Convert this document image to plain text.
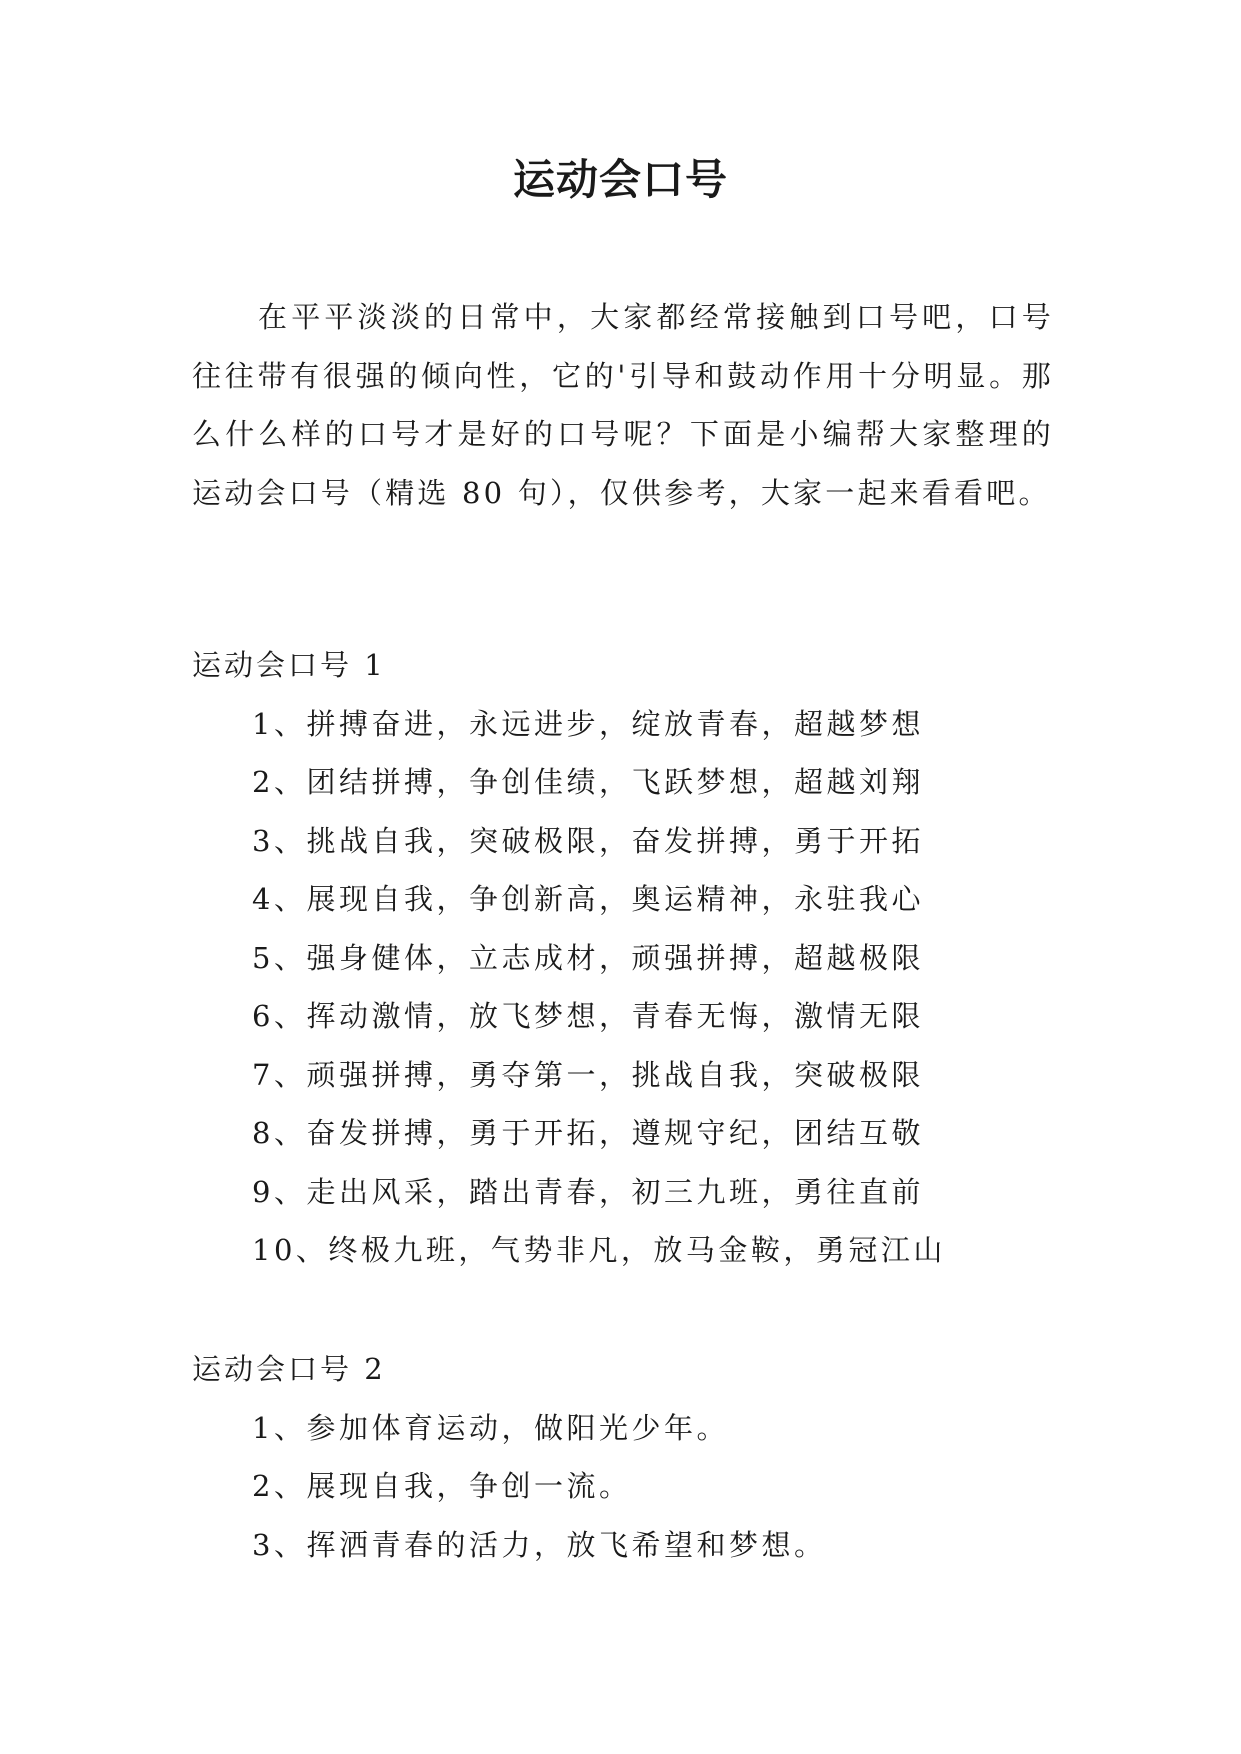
运动会口号

在平平淡淡的日常中，大家都经常接触到口号吧，口号往往带有很强的倾向性，它的'引导和鼓动作用十分明显。那么什么样的口号才是好的口号呢？下面是小编帮大家整理的运动会口号（精选 80 句），仅供参考，大家一起来看看吧。

运动会口号 1

1、拼搏奋进，永远进步，绽放青春，超越梦想
2、团结拼搏，争创佳绩，飞跃梦想，超越刘翔
3、挑战自我，突破极限，奋发拼搏，勇于开拓
4、展现自我，争创新高，奥运精神，永驻我心
5、强身健体，立志成材，顽强拼搏，超越极限
6、挥动激情，放飞梦想，青春无悔，激情无限
7、顽强拼搏，勇夺第一，挑战自我，突破极限
8、奋发拼搏，勇于开拓，遵规守纪，团结互敬
9、走出风采，踏出青春，初三九班，勇往直前
10、终极九班，气势非凡，放马金鞍，勇冠江山

运动会口号 2

1、参加体育运动，做阳光少年。
2、展现自我，争创一流。
3、挥洒青春的活力，放飞希望和梦想。
